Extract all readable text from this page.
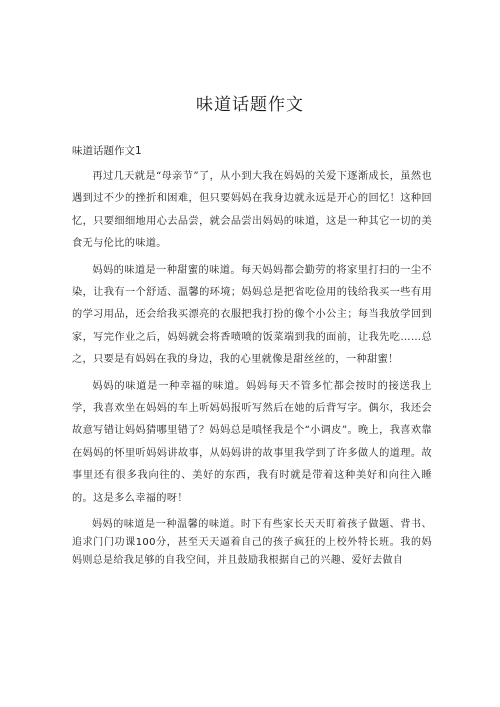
味道话题作文
味道话题作文1

再过几天就是“母亲节”了，从小到大我在妈妈的关爱下逐渐成长，虽然也遇到过不少的挫折和困难，但只要妈妈在我身边就永远是开心的回忆！这种回忆，只要细细地用心去品尝，就会品尝出妈妈的味道，这是一种其它一切的美食无与伦比的味道。

妈妈的味道是一种甜蜜的味道。每天妈妈都会勤劳的将家里打扫的一尘不染，让我有一个舒适、温馨的环境；妈妈总是把省吃俭用的钱给我买一些有用的学习用品，还会给我买漂亮的衣服把我打扮的像个小公主；每当我放学回到家，写完作业之后，妈妈就会将香喷喷的饭菜端到我的面前，让我先吃……总之，只要是有妈妈在我的身边，我的心里就像是甜丝丝的，一种甜蜜！

妈妈的味道是一种幸福的味道。妈妈每天不管多忙都会按时的接送我上学，我喜欢坐在妈妈的车上听妈妈报听写然后在她的后背写字。偶尔，我还会故意写错让妈妈猜哪里错了？妈妈总是嗔怪我是个“小调皮”。晚上，我喜欢靠在妈妈的怀里听妈妈讲故事，从妈妈讲的故事里我学到了许多做人的道理。故事里还有很多我向往的、美好的东西，我有时就是带着这种美好和向往入睡的。这是多么幸福的呀！

妈妈的味道是一种温馨的味道。时下有些家长天天盯着孩子做题、背书、追求门门功课100分，甚至天天逼着自己的孩子疯狂的上校外特长班。我的妈妈则总是给我足够的自我空间，并且鼓励我根据自己的兴趣、爱好去做自
